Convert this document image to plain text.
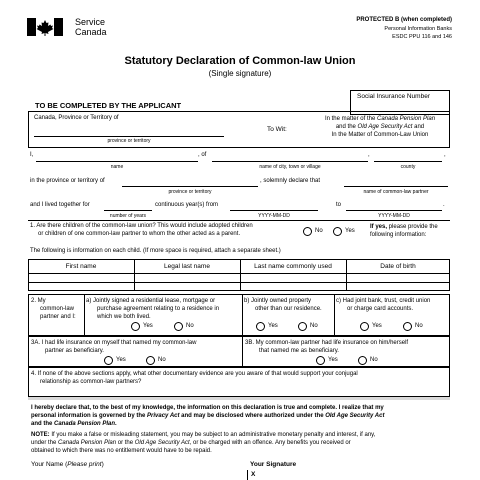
Service
Canada
PROTECTED B (when completed)
Personal Information Banks
ESDC PPU 116 and 146
Statutory Declaration of Common-law Union
(Single signature)
TO BE COMPLETED BY THE APPLICANT
Social Insurance Number
Canada, Province or Territory of
province or territory
To Wit:
In the matter of the Canada Pension Plan
and the Old Age Security Act and
In the Matter of Common-Law Union
I,	, of	,	,
name	name of city, town or village	county
in the province or territory of	, solemnly declare that
province or territory	name of common-law partner
and I lived together for	continuous year(s) from	to	.
number of years	YYYY-MM-DD	YYYY-MM-DD
1. Are there children of the common-law union? This would include adopted children
or children of one common-law partner to whom the other acted as a parent.	No	Yes
If yes, please provide the
following information:
The following is information on each child. (If more space is required, attach a separate sheet.)
First name	Legal last name	Last name commonly used	Date of birth
2. My
common-law
partner and I:
a) Jointly signed a residential lease, mortgage or
purchase agreement relating to a residence in
which we both lived.
b) Jointly owned property
other than our residence.
c) Had joint bank, trust, credit union
or charge card accounts.
Yes	No	Yes	No	Yes	No
3A. I had life insurance on myself that named my common-law
partner as beneficiary.
Yes	No
3B. My common-law partner had life insurance on him/herself
that named me as beneficiary.
Yes	No
4. If none of the above sections apply, what other documentary evidence are you aware of that would support your conjugal
relationship as common-law partners?
I hereby declare that, to the best of my knowledge, the information on this declaration is true and complete. I realize that my
personal information is governed by the Privacy Act and may be disclosed where authorized under the Old Age Security Act
and the Canada Pension Plan.
NOTE: If you make a false or misleading statement, you may be subject to an administrative monetary penalty and interest, if any,
under the Canada Pension Plan or the Old Age Security Act, or be charged with an offence. Any benefits you received or
obtained to which there was no entitlement would have to be repaid.
Your Name (Please print)	Your Signature
X
